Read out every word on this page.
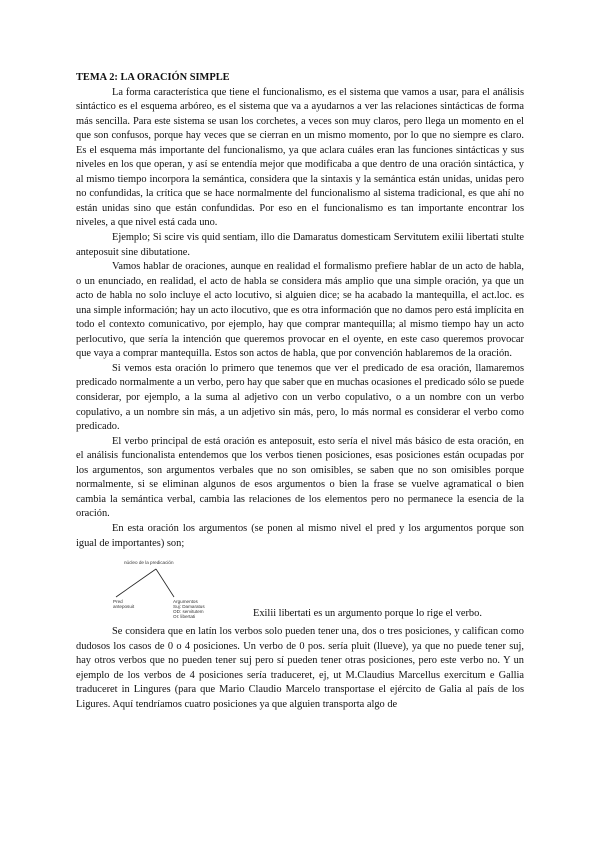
TEMA 2: LA ORACIÓN SIMPLE

La forma característica que tiene el funcionalismo, es el sistema que vamos a usar, para el análisis sintáctico es el esquema arbóreo, es el sistema que va a ayudarnos a ver las relaciones sintácticas de forma más sencilla. Para este sistema se usan los corchetes, a veces son muy claros, pero llega un momento en el que son confusos, porque hay veces que se cierran en un mismo momento, por lo que no siempre es claro. Es el esquema más importante del funcionalismo, ya que aclara cuáles eran las funciones sintácticas y sus niveles en los que operan, y así se entendía mejor que modificaba a que dentro de una oración sintáctica, y al mismo tiempo incorpora la semántica, considera que la sintaxis y la semántica están unidas, unidas pero no confundidas, la crítica que se hace normalmente del funcionalismo al sistema tradicional, es que ahí no están unidas sino que están confundidas. Por eso en el funcionalismo es tan importante encontrar los niveles, a que nivel está cada uno.

Ejemplo; Si scire vis quid sentiam, illo die Damaratus domesticam Servitutem exilii libertati stulte anteposuit sine dibutatione.

Vamos hablar de oraciones, aunque en realidad el formalismo prefiere hablar de un acto de habla, o un enunciado, en realidad, el acto de habla se considera más amplio que una simple oración, ya que un acto de habla no solo incluye el acto locutivo, si alguien dice; se ha acabado la mantequilla, el act.loc. es una simple información; hay un acto ilocutivo, que es otra información que no damos pero está implícita en todo el contexto comunicativo, por ejemplo, hay que comprar mantequilla; al mismo tiempo hay un acto perlocutivo, que sería la intención que queremos provocar en el oyente, en este caso queremos provocar que vaya a comprar mantequilla. Estos son actos de habla, que por convención hablaremos de la oración.

Si vemos esta oración lo primero que tenemos que ver el predicado de esa oración, llamaremos predicado normalmente a un verbo, pero hay que saber que en muchas ocasiones el predicado sólo se puede considerar, por ejemplo, a la suma al adjetivo con un verbo copulativo, o a un nombre con un verbo copulativo, a un nombre sin más, a un adjetivo sin más, pero, lo más normal es considerar el verbo como predicado.

El verbo principal de está oración es anteposuit, esto sería el nivel más básico de esta oración, en el análisis funcionalista entendemos que los verbos tienen posiciones, esas posiciones están ocupadas por los argumentos, son argumentos verbales que no son omisibles, se saben que no son omisibles porque normalmente, si se eliminan algunos de esos argumentos o bien la frase se vuelve agramatical o bien cambia la semántica verbal, cambia las relaciones de los elementos pero no permanece la esencia de la oración.

En esta oración los argumentos (se ponen al mismo nivel el pred y los argumentos porque son igual de importantes) son;

núcleo de la predicación
Pred
anteposuit
Argumentos
Suj: Damaratus
OD: servitutem
OI: libertati	Exilii libertati es un argumento porque lo rige el verbo.

Se considera que en latín los verbos solo pueden tener una, dos o tres posiciones, y califican como dudosos los casos de 0 o 4 posiciones. Un verbo de 0 pos. sería pluit (llueve), ya que no puede tener suj, hay otros verbos que no pueden tener suj pero sí pueden tener otras posiciones, pero este verbo no. Y un ejemplo de los verbos de 4 posiciones sería traduceret, ej, ut M.Claudius Marcellus exercitum e Gallia traduceret in Lingures (para que Mario Claudio Marcelo transportase el ejército de Galia al país de los Ligures. Aquí tendríamos cuatro posiciones ya que alguien transporta algo de
